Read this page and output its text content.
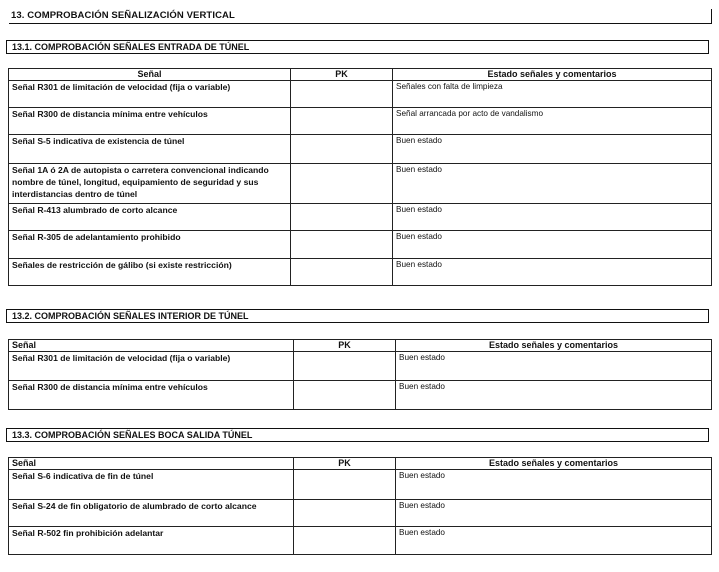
13. COMPROBACIÓN SEÑALIZACIÓN VERTICAL
13.1. COMPROBACIÓN SEÑALES ENTRADA DE TÚNEL
Señal	PK	Estado señales y comentarios
Señal R301 de limitación de velocidad (fija o variable)		Señales con falta de limpieza
Señal R300 de distancia mínima entre vehículos		Señal arrancada por acto de vandalismo
Señal S-5 indicativa de existencia de túnel		Buen estado
Señal 1A ó 2A de autopista o carretera convencional indicando nombre de túnel, longitud, equipamiento de seguridad y sus interdistancias dentro de túnel		Buen estado
Señal R-413 alumbrado de corto alcance		Buen estado
Señal R-305 de adelantamiento prohibido		Buen estado
Señales de restricción de gálibo (si existe restricción)		Buen estado
13.2. COMPROBACIÓN SEÑALES INTERIOR DE TÚNEL
Señal	PK	Estado señales y comentarios
Señal R301 de limitación de velocidad (fija o variable)		Buen estado
Señal R300 de distancia mínima entre vehículos		Buen estado
13.3. COMPROBACIÓN SEÑALES BOCA SALIDA TÚNEL
Señal	PK	Estado señales y comentarios
Señal S-6 indicativa de fin de túnel		Buen estado
Señal S-24 de fin obligatorio de alumbrado de corto alcance		Buen estado
Señal R-502 fin prohibición adelantar		Buen estado
